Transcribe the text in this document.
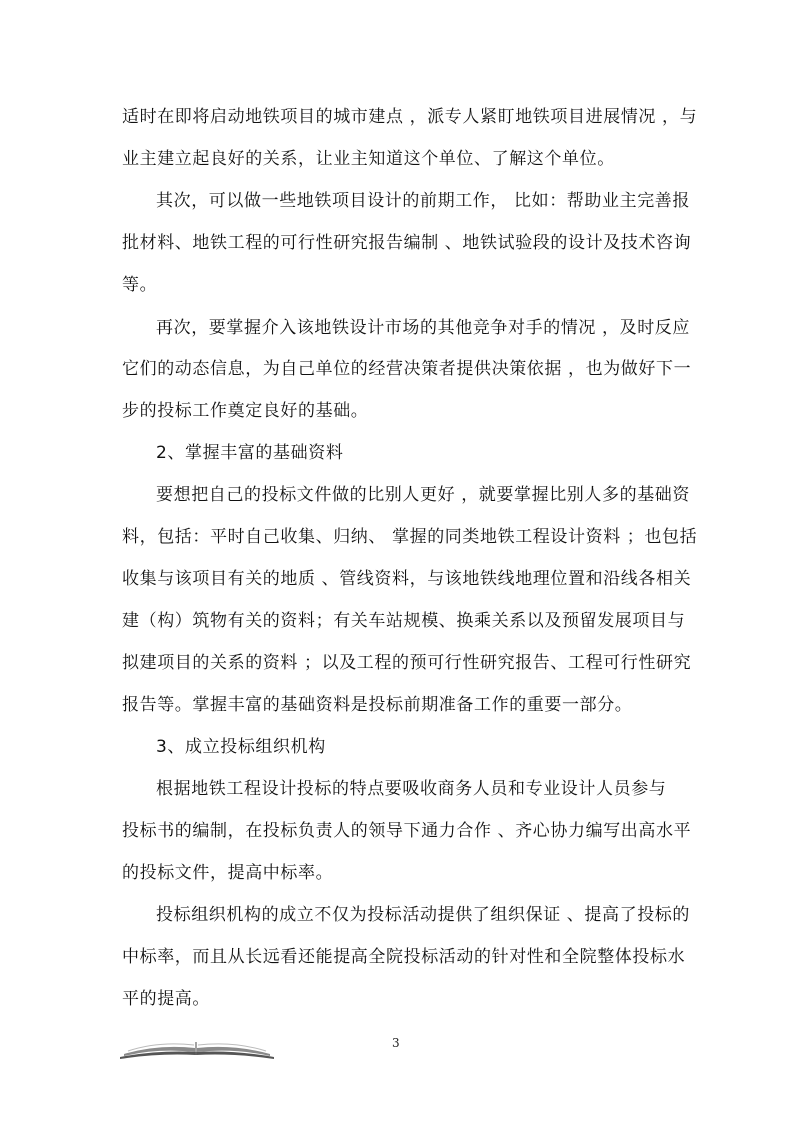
适时在即将启动地铁项目的城市建点 ，派专人紧盯地铁项目进展情况 ，与
业主建立起良好的关系，让业主知道这个单位、了解这个单位。
其次，可以做一些地铁项目设计的前期工作， 比如：帮助业主完善报
批材料、地铁工程的可行性研究报告编制 、地铁试验段的设计及技术咨询
等。
再次，要掌握介入该地铁设计市场的其他竞争对手的情况 ，及时反应
它们的动态信息，为自己单位的经营决策者提供决策依据 ，也为做好下一
步的投标工作奠定良好的基础。
2、掌握丰富的基础资料
要想把自己的投标文件做的比别人更好 ，就要掌握比别人多的基础资
料，包括：平时自己收集、归纳、 掌握的同类地铁工程设计资料 ；也包括
收集与该项目有关的地质 、管线资料，与该地铁线地理位置和沿线各相关
建（构）筑物有关的资料；有关车站规模、换乘关系以及预留发展项目与
拟建项目的关系的资料 ；以及工程的预可行性研究报告、工程可行性研究
报告等。掌握丰富的基础资料是投标前期准备工作的重要一部分。
3、成立投标组织机构
根据地铁工程设计投标的特点要吸收商务人员和专业设计人员参与
投标书的编制，在投标负责人的领导下通力合作 、齐心协力编写出高水平
的投标文件，提高中标率。
投标组织机构的成立不仅为投标活动提供了组织保证 、提高了投标的
中标率，而且从长远看还能提高全院投标活动的针对性和全院整体投标水
平的提高。
3
